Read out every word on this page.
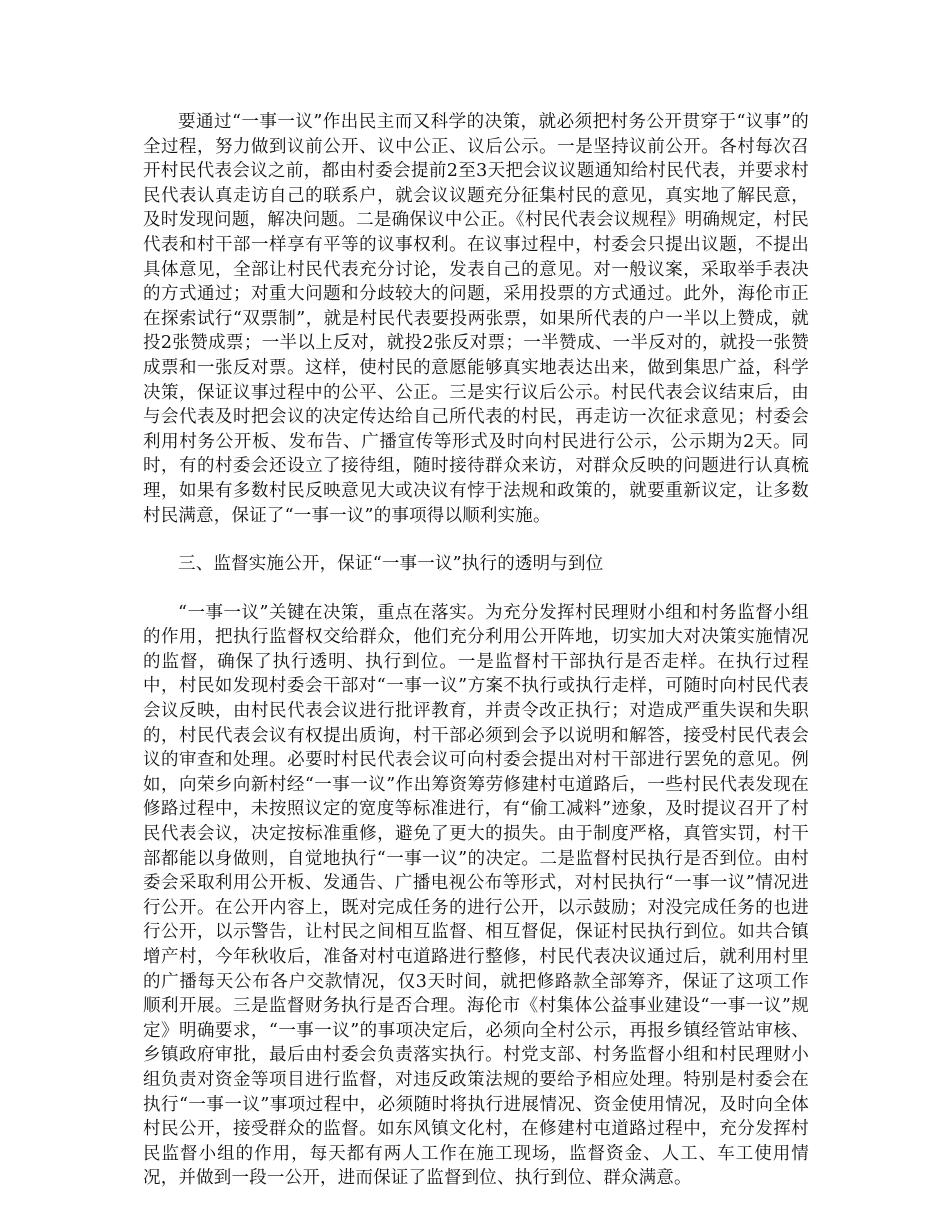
要通过“一事一议”作出民主而又科学的决策，就必须把村务公开贯穿于“议事”的全过程，努力做到议前公开、议中公正、议后公示。一是坚持议前公开。各村每次召开村民代表会议之前，都由村委会提前2至3天把会议议题通知给村民代表，并要求村民代表认真走访自己的联系户，就会议议题充分征集村民的意见，真实地了解民意，及时发现问题，解决问题。二是确保议中公正。《村民代表会议规程》明确规定，村民代表和村干部一样享有平等的议事权利。在议事过程中，村委会只提出议题，不提出具体意见，全部让村民代表充分讨论，发表自己的意见。对一般议案，采取举手表决的方式通过；对重大问题和分歧较大的问题，采用投票的方式通过。此外，海伦市正在探索试行“双票制”，就是村民代表要投两张票，如果所代表的户一半以上赞成，就投2张赞成票；一半以上反对，就投2张反对票；一半赞成、一半反对的，就投一张赞成票和一张反对票。这样，使村民的意愿能够真实地表达出来，做到集思广益，科学决策，保证议事过程中的公平、公正。三是实行议后公示。村民代表会议结束后，由与会代表及时把会议的决定传达给自己所代表的村民，再走访一次征求意见；村委会利用村务公开板、发布告、广播宣传等形式及时向村民进行公示，公示期为2天。同时，有的村委会还设立了接待组，随时接待群众来访，对群众反映的问题进行认真梳理，如果有多数村民反映意见大或决议有悖于法规和政策的，就要重新议定，让多数村民满意，保证了“一事一议”的事项得以顺利实施。

三、监督实施公开，保证“一事一议”执行的透明与到位

“一事一议”关键在决策，重点在落实。为充分发挥村民理财小组和村务监督小组的作用，把执行监督权交给群众，他们充分利用公开阵地，切实加大对决策实施情况的监督，确保了执行透明、执行到位。一是监督村干部执行是否走样。在执行过程中，村民如发现村委会干部对“一事一议”方案不执行或执行走样，可随时向村民代表会议反映，由村民代表会议进行批评教育，并责令改正执行；对造成严重失误和失职的，村民代表会议有权提出质询，村干部必须到会予以说明和解答，接受村民代表会议的审查和处理。必要时村民代表会议可向村委会提出对村干部进行罢免的意见。例如，向荣乡向新村经“一事一议”作出筹资筹劳修建村屯道路后，一些村民代表发现在修路过程中，未按照议定的宽度等标准进行，有“偷工减料”迹象，及时提议召开了村民代表会议，决定按标准重修，避免了更大的损失。由于制度严格，真管实罚，村干部都能以身做则，自觉地执行“一事一议”的决定。二是监督村民执行是否到位。由村委会采取利用公开板、发通告、广播电视公布等形式，对村民执行“一事一议”情况进行公开。在公开内容上，既对完成任务的进行公开，以示鼓励；对没完成任务的也进行公开，以示警告，让村民之间相互监督、相互督促，保证村民执行到位。如共合镇增产村，今年秋收后，准备对村屯道路进行整修，村民代表决议通过后，就利用村里的广播每天公布各户交款情况，仅3天时间，就把修路款全部筹齐，保证了这项工作顺利开展。三是监督财务执行是否合理。海伦市《村集体公益事业建设“一事一议”规定》明确要求，“一事一议”的事项决定后，必须向全村公示，再报乡镇经管站审核、乡镇政府审批，最后由村委会负责落实执行。村党支部、村务监督小组和村民理财小组负责对资金等项目进行监督，对违反政策法规的要给予相应处理。特别是村委会在执行“一事一议”事项过程中，必须随时将执行进展情况、资金使用情况，及时向全体村民公开，接受群众的监督。如东风镇文化村，在修建村屯道路过程中，充分发挥村民监督小组的作用，每天都有两人工作在施工现场，监督资金、人工、车工使用情况，并做到一段一公开，进而保证了监督到位、执行到位、群众满意。
